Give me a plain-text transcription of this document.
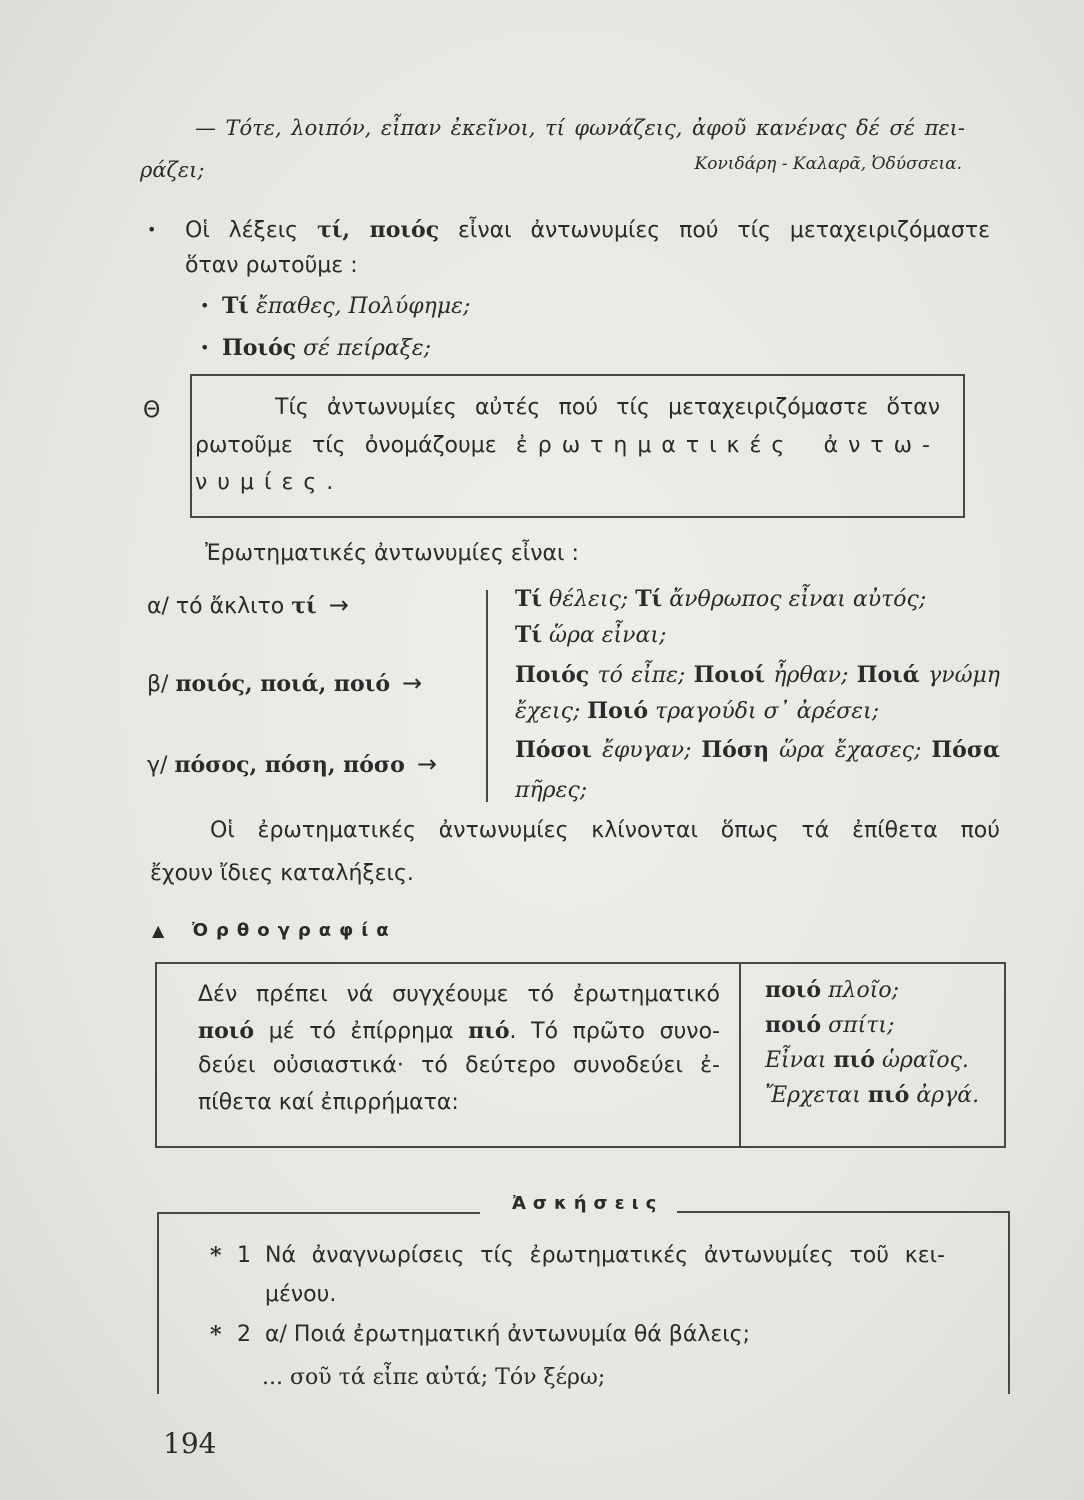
— Τότε, λοιπόν, εἶπαν ἐκεῖνοι, τί φωνάζεις, ἀφοῦ κανένας δέ σέ πει-
ράζει;	Κονιδάρη - Καλαρᾶ, Ὀδύσσεια.
• Οἱ λέξεις τί, ποιός εἶναι ἀντωνυμίες πού τίς μεταχειριζόμαστε
ὅταν ρωτοῦμε :
• Τί ἔπαθες, Πολύφημε;
• Ποιός σέ πείραξε;
Θ	Τίς ἀντωνυμίες αὐτές πού τίς μεταχειριζόμαστε ὅταν
ρωτοῦμε τίς ὀνομάζουμε ἐρωτηματικές ἀντω-
νυμίες.
Ἐρωτηματικές ἀντωνυμίες εἶναι :
α/ τό ἄκλιτο τί →	Τί θέλεις; Τί ἄνθρωπος εἶναι αὐτός;
Τί ὥρα εἶναι;
β/ ποιός, ποιά, ποιό →	Ποιός τό εἶπε; Ποιοί ἦρθαν; Ποιά γνώμη
ἔχεις; Ποιό τραγούδι σ᾽ ἀρέσει;
γ/ πόσος, πόση, πόσο →	Πόσοι ἔφυγαν; Πόση ὥρα ἔχασες; Πόσα
πῆρες;
Οἱ ἐρωτηματικές ἀντωνυμίες κλίνονται ὅπως τά ἐπίθετα πού
ἔχουν ἴδιες καταλήξεις.
▲ Ὀρθογραφία
Δέν πρέπει νά συγχέουμε τό ἐρωτηματικό
ποιό μέ τό ἐπίρρημα πιό. Τό πρῶτο συνο-
δεύει οὐσιαστικά· τό δεύτερο συνοδεύει ἐ-
πίθετα καί ἐπιρρήματα:
ποιό πλοῖο;
ποιό σπίτι;
Εἶναι πιό ὡραῖος.
Ἔρχεται πιό ἀργά.
Ἀσκήσεις
* 1 Νά ἀναγνωρίσεις τίς ἐρωτηματικές ἀντωνυμίες τοῦ κει-
μένου.
* 2 α/ Ποιά ἐρωτηματική ἀντωνυμία θά βάλεις;
... σοῦ τά εἶπε αὐτά; Τόν ξέρω;
194
